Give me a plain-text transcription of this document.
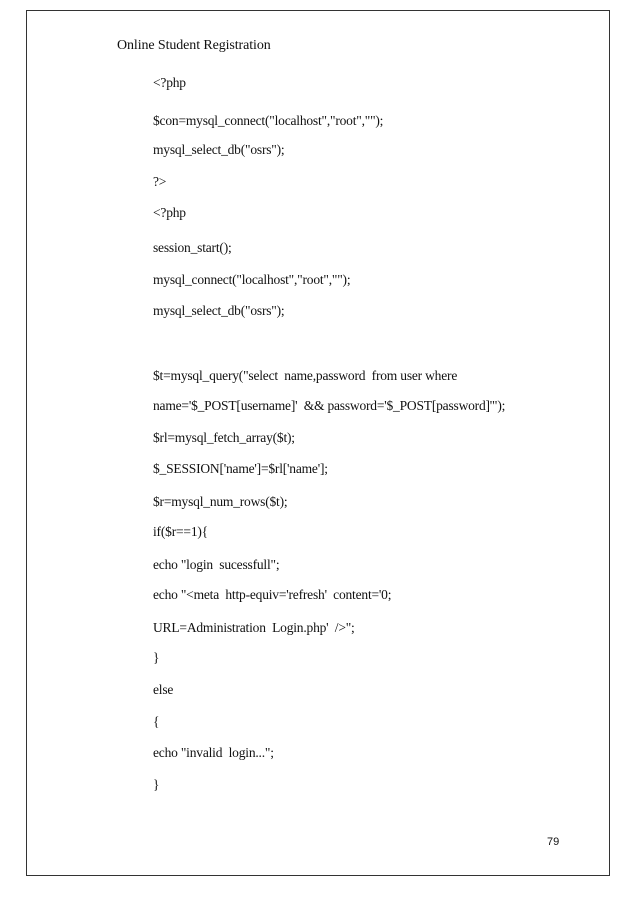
Online Student Registration
<?php
$con=mysql_connect("localhost","root","");
mysql_select_db("osrs");
?>
<?php
session_start();
mysql_connect("localhost","root","");
mysql_select_db("osrs");
$t=mysql_query("select  name,password  from user where
name='$_POST[username]'  && password='$_POST[password]'");
$rl=mysql_fetch_array($t);
$_SESSION['name']=$rl['name'];
$r=mysql_num_rows($t);
if($r==1){
echo "login  sucessfull";
echo "<meta  http-equiv='refresh'  content='0;
URL=Administration  Login.php'  />";
}
else
{
echo "invalid  login...";
}
79
